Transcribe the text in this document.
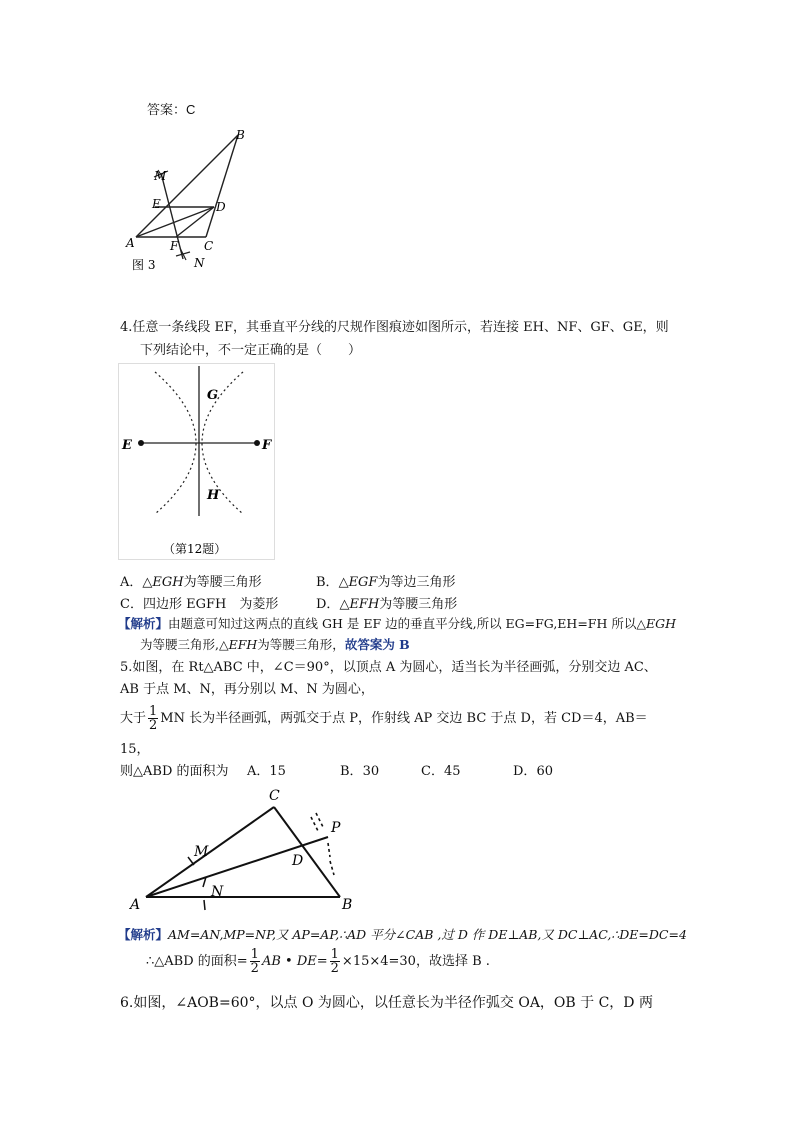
答案：C
B
M
E	D
A	F C
N
图 3
4.任意一条线段 EF，其垂直平分线的尺规作图痕迹如图所示，若连接 EH、NF、GF、GE，则
下列结论中，不一定正确的是（　　）
E	F
G
H
（第12题）
A．△EGH为等腰三角形	B．△EGF为等边三角形
C．四边形 EGFH　为菱形	D．△EFH为等腰三角形
【解析】由题意可知过这两点的直线 GH 是 EF 边的垂直平分线,所以 EG=FG,EH=FH 所以△EGH
为等腰三角形,△EFH为等腰三角形，故答案为 B
5.如图，在 Rt△ABC 中，∠C＝90°，以顶点 A 为圆心，适当长为半径画弧，分别交边 AC、
AB 于点 M、N，再分别以 M、N 为圆心，
大于 $\frac{1}{2}$ MN 长为半径画弧，两弧交于点 P，作射线 AP 交边 BC 于点 D，若 CD＝4，AB＝
15，
则△ABD 的面积为 A．15	B．30	C．45	D．60
A	B
C
D
M
N
P
【解析】AM=AN,MP=NP,又 AP=AP,∴AD 平分∠CAB ,过 D 作 DE⊥AB,又 DC⊥AC,∴DE=DC=4
∴△ABD 的面积= $\frac{1}{2}$ AB • $DE= \frac{1}{2} \times 15\times 4=30$，故选择 B .
6.如图，∠AOB=60°，以点 O 为圆心，以任意长为半径作弧交 OA，OB 于 C，D 两
